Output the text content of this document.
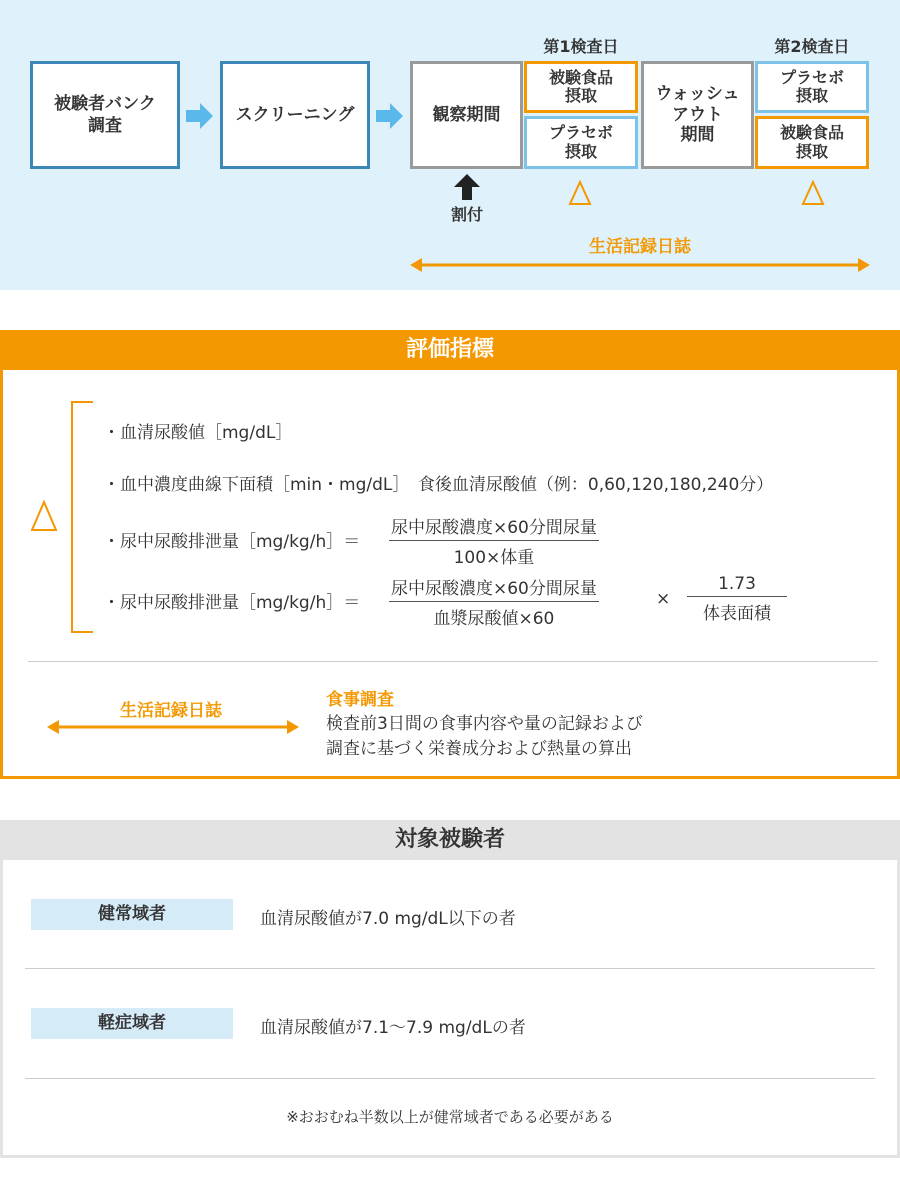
被験者バンク
調査
スクリーニング	観察期間
第1検査日
被験食品
摂取
プラセボ
摂取
ウォッシュ
アウト
期間
第2検査日
プラセボ
摂取
被験食品
摂取
割付
生活記録日誌
評価指標
・血清尿酸値［mg/dL］
・血中濃度曲線下面積［min・mg/dL］　食後血清尿酸値（例：0,60,120,180,240分）
・尿中尿酸排泄量［mg/kg/h］＝
尿中尿酸濃度×60分間尿量
100×体重
・尿中尿酸排泄量［mg/kg/h］＝
尿中尿酸濃度×60分間尿量
血漿尿酸値×60
×
1.73
体表面積
生活記録日誌
食事調査
検査前3日間の食事内容や量の記録および
調査に基づく栄養成分および熱量の算出
対象被験者
健常域者	血清尿酸値が7.0 mg/dL以下の者
軽症域者	血清尿酸値が7.1〜7.9 mg/dLの者
※おおむね半数以上が健常域者である必要がある
